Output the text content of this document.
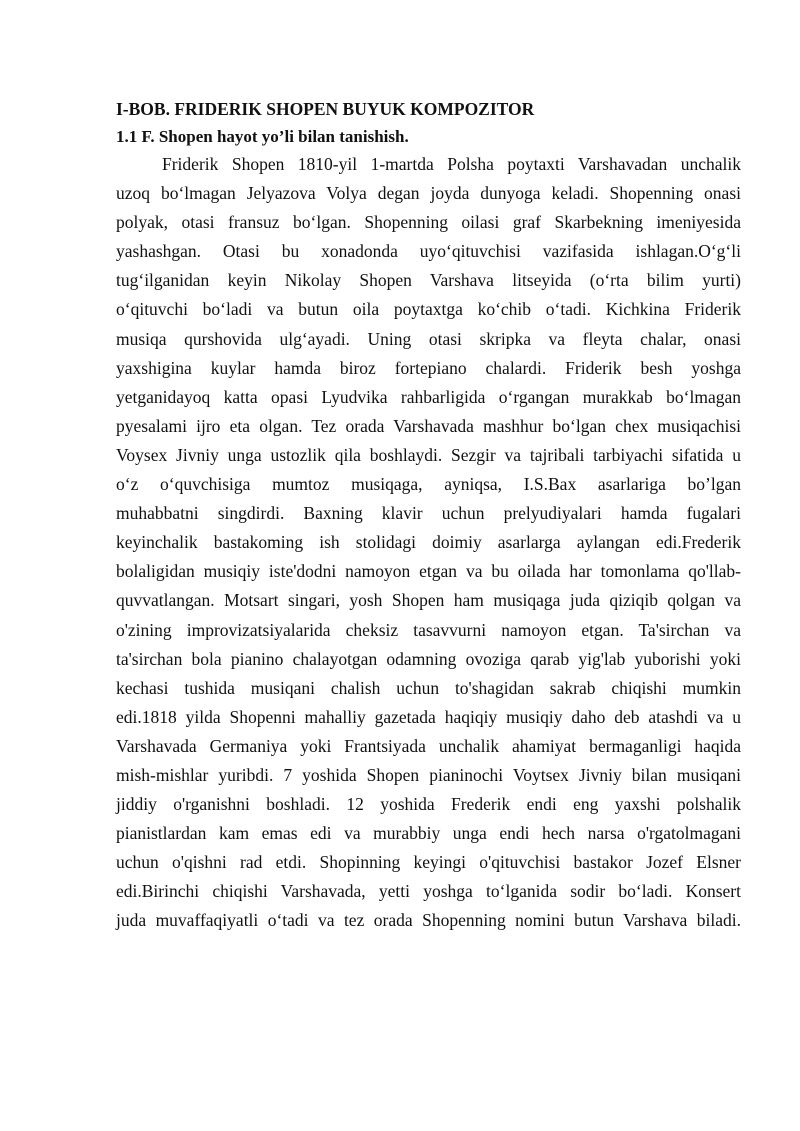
I-BOB. FRIDERIK SHOPEN BUYUK KOMPOZITOR
1.1 F. Shopen hayot yo’li bilan tanishish.
Friderik Shopen 1810-yil 1-martda Polsha poytaxti Varshavadan unchalik
uzoq bo‘lmagan Jelyazova Volya degan joyda dunyoga keladi. Shopenning onasi
polyak, otasi fransuz bo‘lgan. Shopenning oilasi graf Skarbekning imeniyesida
yashashgan. Otasi bu xonadonda uyo‘qituvchisi vazifasida ishlagan.O‘g‘li
tug‘ilganidan keyin Nikolay Shopen Varshava litseyida (o‘rta bilim yurti)
o‘qituvchi bo‘ladi va butun oila poytaxtga ko‘chib o‘tadi. Kichkina Friderik
musiqa qurshovida ulg‘ayadi. Uning otasi skripka va fleyta chalar, onasi
yaxshigina kuylar hamda biroz fortepiano chalardi. Friderik besh yoshga
yetganidayoq katta opasi Lyudvika rahbarligida o‘rgangan murakkab bo‘lmagan
pyesalami ijro eta olgan. Tez orada Varshavada mashhur bo‘lgan chex musiqachisi
Voysex Jivniy unga ustozlik qila boshlaydi. Sezgir va tajribali tarbiyachi sifatida u
o‘z o‘quvchisiga mumtoz musiqaga, ayniqsa, I.S.Bax asarlariga bo’lgan
muhabbatni singdirdi. Baxning klavir uchun prelyudiyalari hamda fugalari
keyinchalik bastakoming ish stolidagi doimiy asarlarga aylangan edi.Frederik
bolaligidan musiqiy iste'dodni namoyon etgan va bu oilada har tomonlama qo'llab-
quvvatlangan. Motsart singari, yosh Shopen ham musiqaga juda qiziqib qolgan va
o'zining improvizatsiyalarida cheksiz tasavvurni namoyon etgan. Ta'sirchan va
ta'sirchan bola pianino chalayotgan odamning ovoziga qarab yig'lab yuborishi yoki
kechasi tushida musiqani chalish uchun to'shagidan sakrab chiqishi mumkin
edi.1818 yilda Shopenni mahalliy gazetada haqiqiy musiqiy daho deb atashdi va u
Varshavada Germaniya yoki Frantsiyada unchalik ahamiyat bermaganligi haqida
mish-mishlar yuribdi. 7 yoshida Shopen pianinochi Voytsex Jivniy bilan musiqani
jiddiy o'rganishni boshladi. 12 yoshida Frederik endi eng yaxshi polshalik
pianistlardan kam emas edi va murabbiy unga endi hech narsa o'rgatolmagani
uchun o'qishni rad etdi. Shopinning keyingi o'qituvchisi bastakor Jozef Elsner
edi.Birinchi chiqishi Varshavada, yetti yoshga to‘lganida sodir bo‘ladi. Konsert
juda muvaffaqiyatli o‘tadi va tez orada Shopenning nomini butun Varshava biladi.
